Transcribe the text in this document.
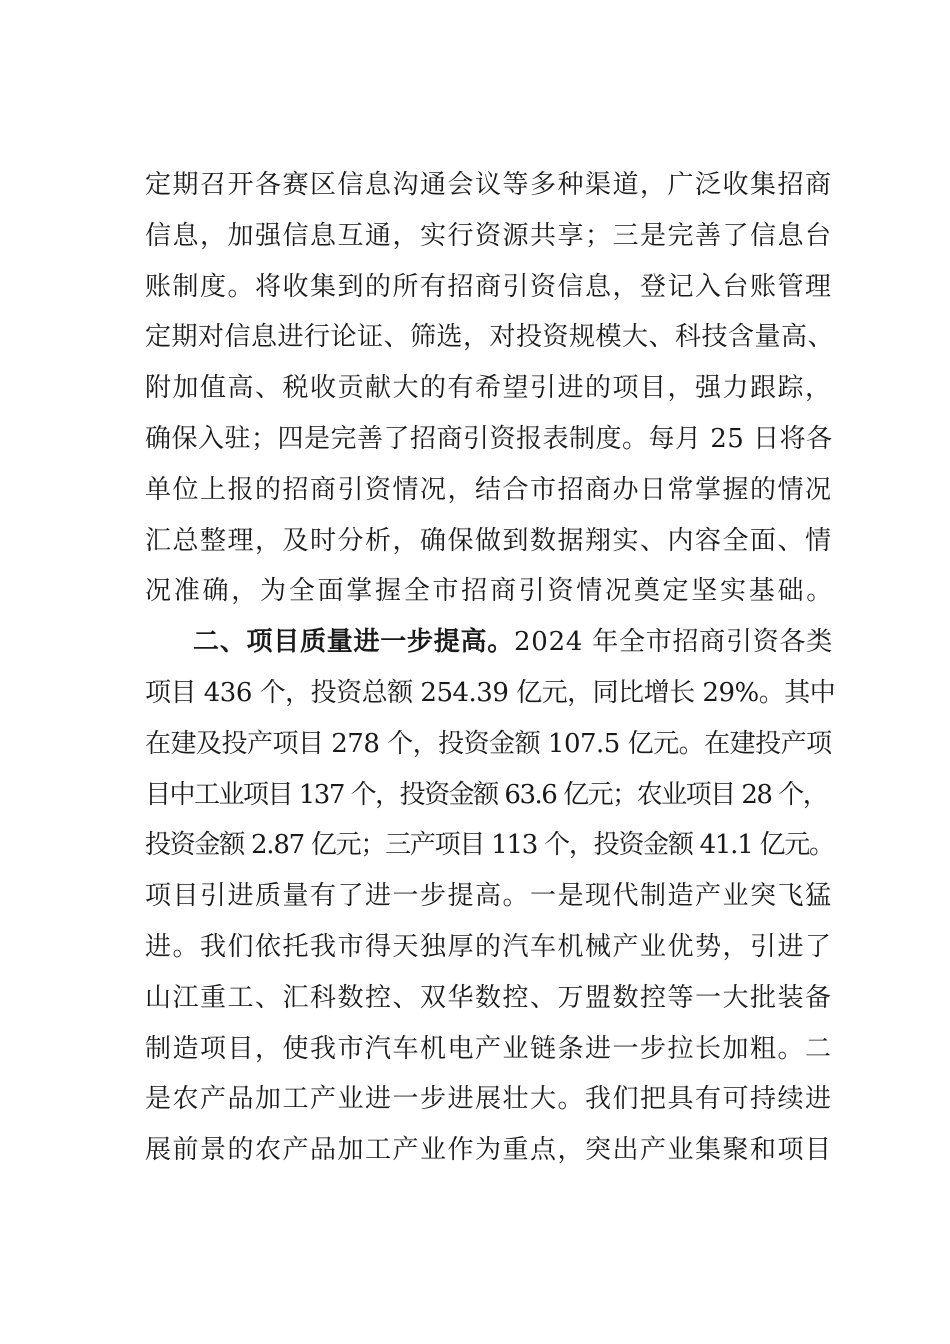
定期召开各赛区信息沟通会议等多种渠道，广泛收集招商
信息，加强信息互通，实行资源共享；三是完善了信息台
账制度。将收集到的所有招商引资信息，登记入台账管理
定期对信息进行论证、筛选，对投资规模大、科技含量高、
附加值高、税收贡献大的有希望引进的项目，强力跟踪，
确保入驻；四是完善了招商引资报表制度。每月 25 日将各
单位上报的招商引资情况，结合市招商办日常掌握的情况
汇总整理，及时分析，确保做到数据翔实、内容全面、情
况准确，为全面掌握全市招商引资情况奠定坚实基础。
二、项目质量进一步提高。2024 年全市招商引资各类
项目 436 个，投资总额 254.39 亿元，同比增长 29%。其中
在建及投产项目 278 个，投资金额 107.5 亿元。在建投产项
目中工业项目 137 个，投资金额 63.6 亿元；农业项目 28 个，
投资金额 2.87 亿元；三产项目 113 个，投资金额 41.1 亿元。
项目引进质量有了进一步提高。一是现代制造产业突飞猛
进。我们依托我市得天独厚的汽车机械产业优势，引进了
山江重工、汇科数控、双华数控、万盟数控等一大批装备
制造项目，使我市汽车机电产业链条进一步拉长加粗。二
是农产品加工产业进一步进展壮大。我们把具有可持续进
展前景的农产品加工产业作为重点，突出产业集聚和项目
